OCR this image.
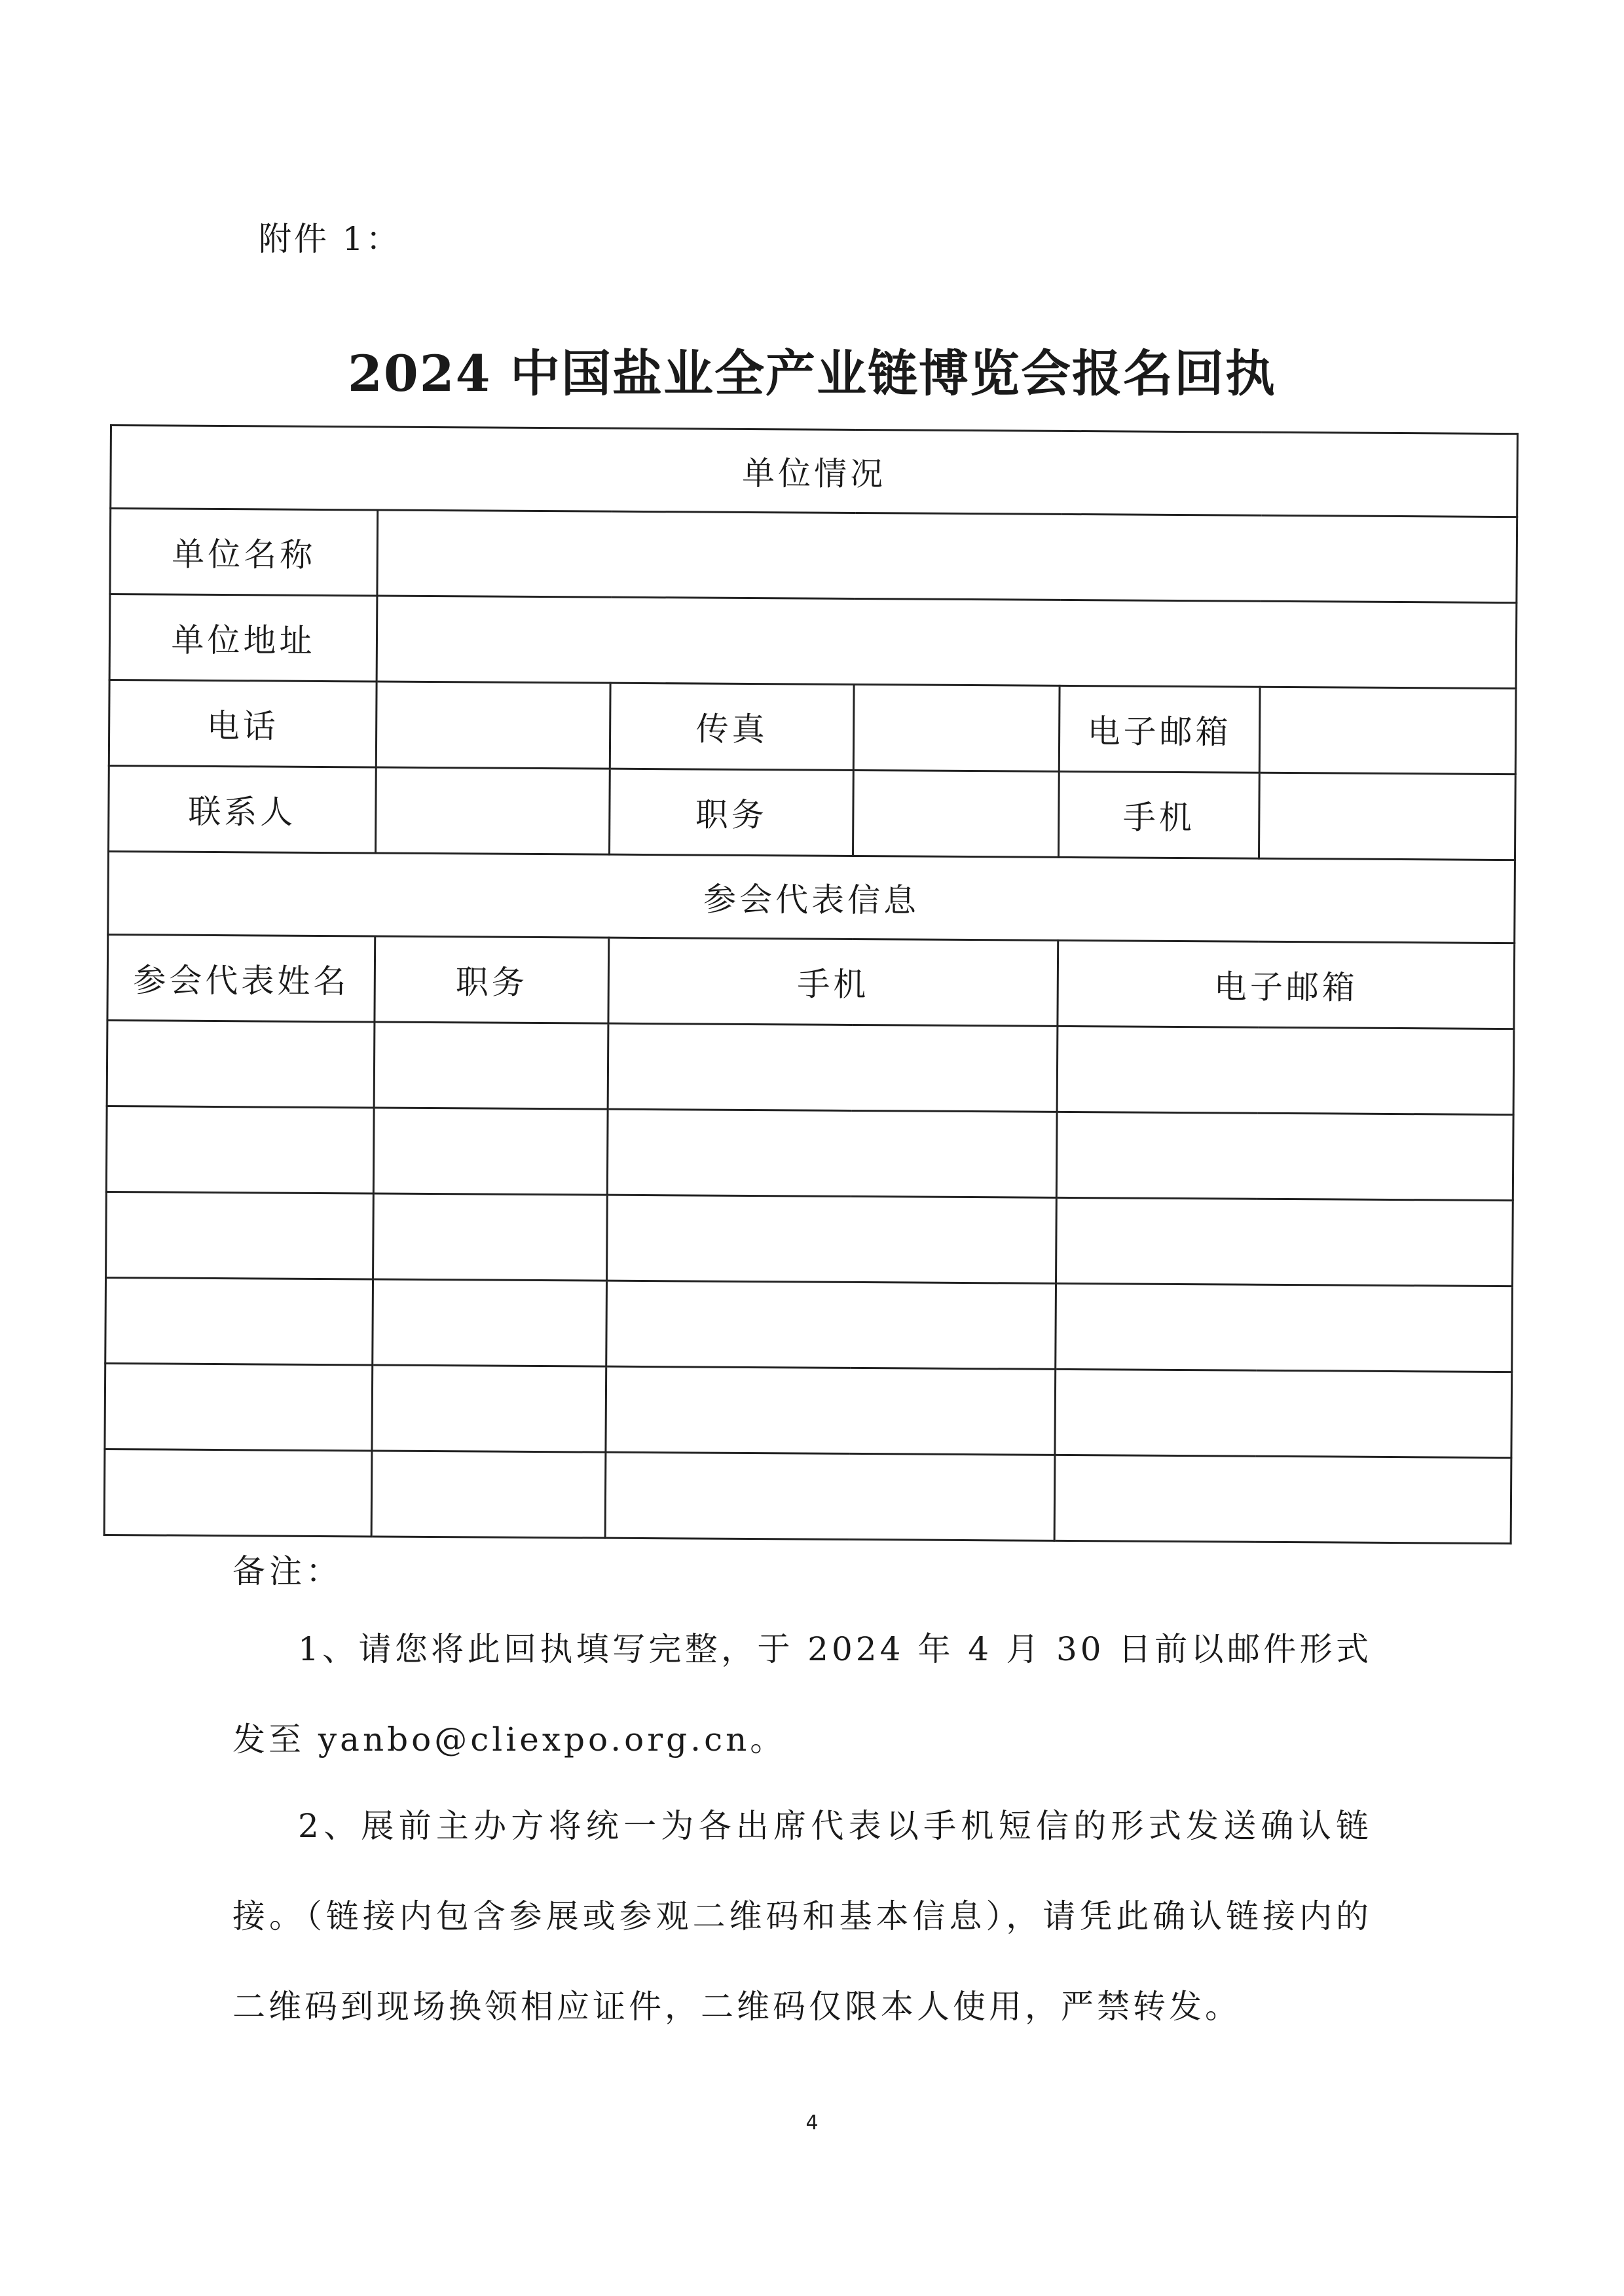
附件 1：
2024 中国盐业全产业链博览会报名回执
单位情况					
单位名称					
单位地址					
电话		传真		电子邮箱	
联系人		职务		手机	
参会代表信息					
参会代表姓名	职务	手机		电子邮箱	

备注：
1、请您将此回执填写完整，于 2024 年 4 月 30 日前以邮件形式发至 yanbo@cliexpo.org.cn。
2、展前主办方将统一为各出席代表以手机短信的形式发送确认链接。（链接内包含参展或参观二维码和基本信息），请凭此确认链接内的二维码到现场换领相应证件，二维码仅限本人使用，严禁转发。
4
